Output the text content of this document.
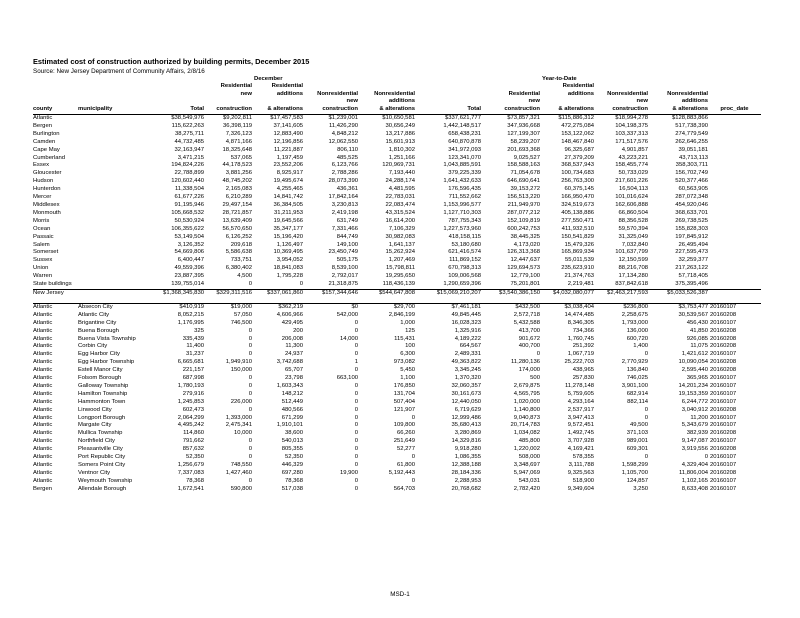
Estimated cost of construction authorized by building permits, December 2015
Source: New Jersey Department of Community Affairs, 2/8/16
				December					Year-to-Date			
			Residential	Residential					Residential			
			new	additions	Nonresidential	Nonresidential		Residential	additions	Nonresidential	Nonresidential	
					new	additions		new		new	additions	
county	municipality	Total	construction	& alterations	construction	& alterations	Total	construction	& alterations	construction	& alterations	proc_date
Atlantic		$38,549,976	$9,202,811	$17,457,583	$1,239,001	$10,650,581	$337,621,777	$73,857,321	$115,886,312	$18,994,278	$128,883,866	
Bergen		115,622,263	36,398,119	37,141,605	11,426,290	30,656,249	1,442,148,517	347,936,668	472,275,084	104,198,375	517,738,390	
Burlington		38,275,711	7,326,123	12,883,490	4,848,212	13,217,886	658,438,231	127,199,307	153,122,062	103,337,313	274,779,549	
Camden		44,732,485	4,871,166	12,196,856	12,062,550	15,601,913	640,870,878	58,239,207	148,467,840	171,517,576	262,646,255	
Cape May		32,163,947	18,325,648	11,221,887	806,110	1,810,302	341,972,093	201,693,368	96,325,687	4,901,857	39,051,181	
Cumberland		3,471,215	537,065	1,197,459	485,525	1,251,166	123,341,070	9,025,527	27,379,209	43,223,221	43,713,113	
Essex		194,824,226	44,178,523	23,552,206	6,123,766	120,969,731	1,043,885,591	158,588,163	368,537,943	158,455,774	358,303,711	
Gloucester		22,788,899	3,881,256	8,925,917	2,788,286	7,193,440	379,225,339	71,054,678	100,734,683	50,733,029	156,702,749	
Hudson		120,602,440	48,745,202	19,495,674	28,073,390	24,288,174	1,641,432,633	646,690,641	256,763,300	217,601,226	520,377,466	
Hunterdon		11,338,504	2,165,083	4,255,465	436,361	4,481,595	176,596,435	39,153,272	60,375,145	16,504,113	60,563,905	
Mercer		61,677,226	6,210,289	14,841,742	17,842,164	22,783,031	711,552,662	156,513,220	166,950,470	101,016,624	287,072,348	
Middlesex		91,195,946	29,497,154	36,384,505	3,230,813	22,083,474	1,153,996,577	211,949,970	324,519,673	162,606,888	454,920,046	
Monmouth		105,668,532	28,721,857	31,211,953	2,419,198	43,315,524	1,127,710,303	287,077,212	405,138,886	66,860,504	368,633,701	
Morris		50,530,924	13,639,409	19,645,566	631,749	16,614,200	787,755,343	152,109,819	277,550,471	88,356,528	269,738,525	
Ocean		106,355,622	56,570,650	35,347,177	7,331,466	7,106,329	1,227,573,960	600,242,753	411,932,510	59,570,394	155,828,303	
Passaic		53,149,504	6,126,252	15,196,420	844,749	30,982,083	418,158,115	38,445,325	150,541,829	31,325,049	197,845,912	
Salem		3,126,352	209,618	1,126,497	149,100	1,641,137	53,180,680	4,173,020	15,479,326	7,032,840	26,495,494	
Somerset		54,669,806	5,586,638	10,369,495	23,450,749	15,262,924	621,416,574	126,313,368	165,869,934	101,637,799	227,595,473	
Sussex		6,400,447	733,751	3,954,052	505,175	1,207,469	111,869,152	12,447,637	55,011,539	12,150,599	32,259,377	
Union		49,559,396	6,380,402	18,841,083	8,539,100	15,798,811	670,798,313	129,694,573	235,623,910	88,216,708	217,263,122	
Warren		23,887,395	4,500	1,795,228	2,792,017	19,295,650	109,006,568	12,779,100	21,374,763	17,134,280	57,718,405	
State buildings		139,755,014	0	0	21,318,875	118,436,139	1,290,659,396	75,201,801	2,219,481	837,842,618	375,395,496	
New Jersey		$1,368,345,830	$329,311,516	$337,061,860	$157,344,646	$544,647,808	$15,069,210,207	$3,540,386,150	$4,032,080,077	$2,463,217,593	$5,033,526,387	

Atlantic	Absecon City	$410,919	$19,000	$362,219	$0	$29,700	$7,461,181	$432,500	$3,038,404	$236,800	$3,753,477	20160107
Atlantic	Atlantic City	8,052,215	57,050	4,606,966	542,000	2,846,199	49,845,445	2,572,718	14,474,485	2,258,675	30,539,567	20160208
Atlantic	Brigantine City	1,176,995	746,500	429,495	0	1,000	16,028,323	5,432,588	8,346,305	1,793,000	456,430	20160107
Atlantic	Buena Borough	325	0	200	0	125	1,325,916	413,700	734,366	136,000	41,850	20160208
Atlantic	Buena Vista Township	335,439	0	206,008	14,000	115,431	4,189,222	901,672	1,760,745	600,720	926,085	20160208
Atlantic	Corbin City	11,400	0	11,300	0	100	664,567	400,700	251,392	1,400	11,075	20160208
Atlantic	Egg Harbor City	31,237	0	24,937	0	6,300	2,489,331	0	1,067,719	0	1,421,612	20160107
Atlantic	Egg Harbor Township	6,665,681	1,949,910	3,742,688	1	973,082	49,363,822	11,280,136	25,222,703	2,770,929	10,090,054	20160208
Atlantic	Estell Manor City	221,157	150,000	65,707	0	5,450	3,345,245	174,000	438,965	136,840	2,595,440	20160208
Atlantic	Folsom Borough	687,998	0	23,798	663,100	1,100	1,370,320	500	257,830	746,025	365,965	20160107
Atlantic	Galloway Township	1,780,193	0	1,603,343	0	176,850	32,060,357	2,679,875	11,278,148	3,901,100	14,201,234	20160107
Atlantic	Hamilton Township	279,916	0	148,212	0	131,704	30,161,673	4,565,795	5,759,605	682,914	19,153,359	20160107
Atlantic	Hammonton Town	1,245,853	226,000	512,449	0	507,404	12,440,050	1,020,000	4,293,164	882,114	6,244,772	20160107
Atlantic	Linwood City	602,473	0	480,566	0	121,907	6,719,629	1,140,800	2,537,917	0	3,040,912	20160208
Atlantic	Longport Borough	2,064,299	1,393,000	671,299	0	0	12,999,486	9,040,873	3,947,413	0	11,200	20160107
Atlantic	Margate City	4,495,242	2,475,341	1,910,101	0	109,800	35,680,413	20,714,783	9,572,451	49,500	5,343,679	20160107
Atlantic	Mullica Township	114,860	10,000	38,600	0	66,260	3,280,869	1,034,082	1,492,745	371,103	382,939	20160208
Atlantic	Northfield City	791,662	0	540,013	0	251,649	14,329,816	485,800	3,707,928	989,001	9,147,087	20160107
Atlantic	Pleasantville City	857,632	0	805,355	0	52,277	9,918,280	1,220,002	4,169,421	609,301	3,919,556	20160208
Atlantic	Port Republic City	52,350	0	52,350	0	0	1,086,355	508,000	578,355	0	0	20160107
Atlantic	Somers Point City	1,256,679	748,550	446,329	0	61,800	12,388,188	3,348,697	3,111,788	1,598,299	4,329,404	20160107
Atlantic	Ventnor City	7,337,083	1,427,460	697,280	19,900	5,192,443	28,184,336	5,947,069	9,325,563	1,105,700	11,806,004	20160208
Atlantic	Weymouth Township	78,368	0	78,368	0	0	2,288,953	543,031	518,900	124,857	1,102,165	20160107
Bergen	Allendale Borough	1,672,541	590,800	517,038	0	564,703	20,768,682	2,782,420	9,349,604	3,250	8,633,408	20160107
MSD-1
